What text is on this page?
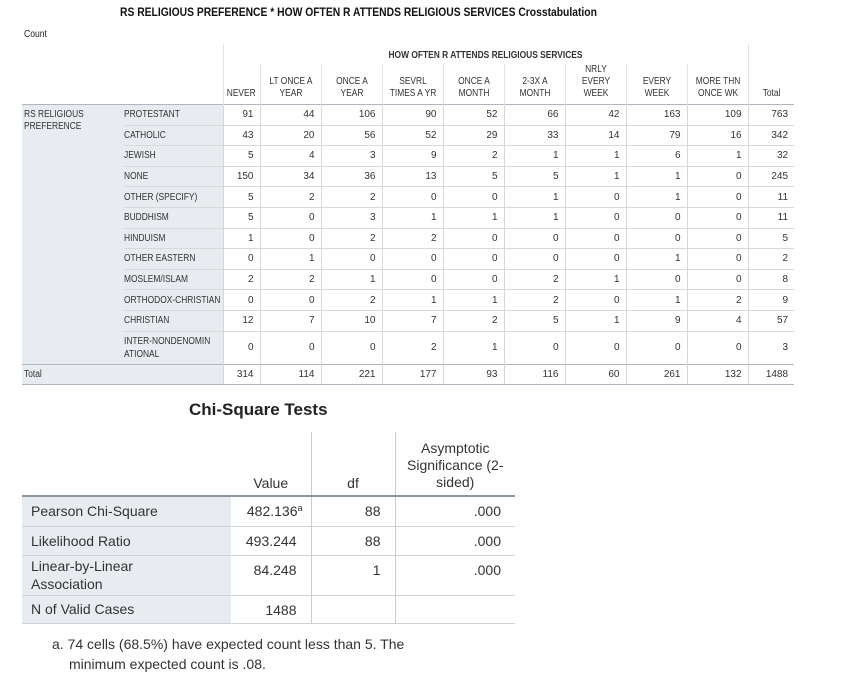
RS RELIGIOUS PREFERENCE * HOW OFTEN R ATTENDS RELIGIOUS SERVICES Crosstabulation
Count
		HOW OFTEN R ATTENDS RELIGIOUS SERVICES									
		NEVER	LT ONCE A YEAR	ONCE A YEAR	SEVRL TIMES A YR	ONCE A MONTH	2-3X A MONTH	NRLY EVERY WEEK	EVERY WEEK	MORE THN ONCE WK	Total
RS RELIGIOUS PREFERENCE	PROTESTANT	91	44	106	90	52	66	42	163	109	763
	CATHOLIC	43	20	56	52	29	33	14	79	16	342
	JEWISH	5	4	3	9	2	1	1	6	1	32
	NONE	150	34	36	13	5	5	1	1	0	245
	OTHER (SPECIFY)	5	2	2	0	0	1	0	1	0	11
	BUDDHISM	5	0	3	1	1	1	0	0	0	11
	HINDUISM	1	0	2	2	0	0	0	0	0	5
	OTHER EASTERN	0	1	0	0	0	0	0	1	0	2
	MOSLEM/ISLAM	2	2	1	0	0	2	1	0	0	8
	ORTHODOX-CHRISTIAN	0	0	2	1	1	2	0	1	2	9
	CHRISTIAN	12	7	10	7	2	5	1	9	4	57
	INTER-NONDENOMINATIONAL	0	0	0	2	1	0	0	0	0	3
Total		314	114	221	177	93	116	60	261	132	1488
Chi-Square Tests
	Value	df	Asymptotic Significance (2-sided)
Pearson Chi-Square	482.136$^a$	88	.000
Likelihood Ratio	493.244	88	.000
Linear-by-Linear Association	84.248	1	.000
N of Valid Cases	1488		
a. 74 cells (68.5%) have expected count less than 5. The
minimum expected count is .08.
